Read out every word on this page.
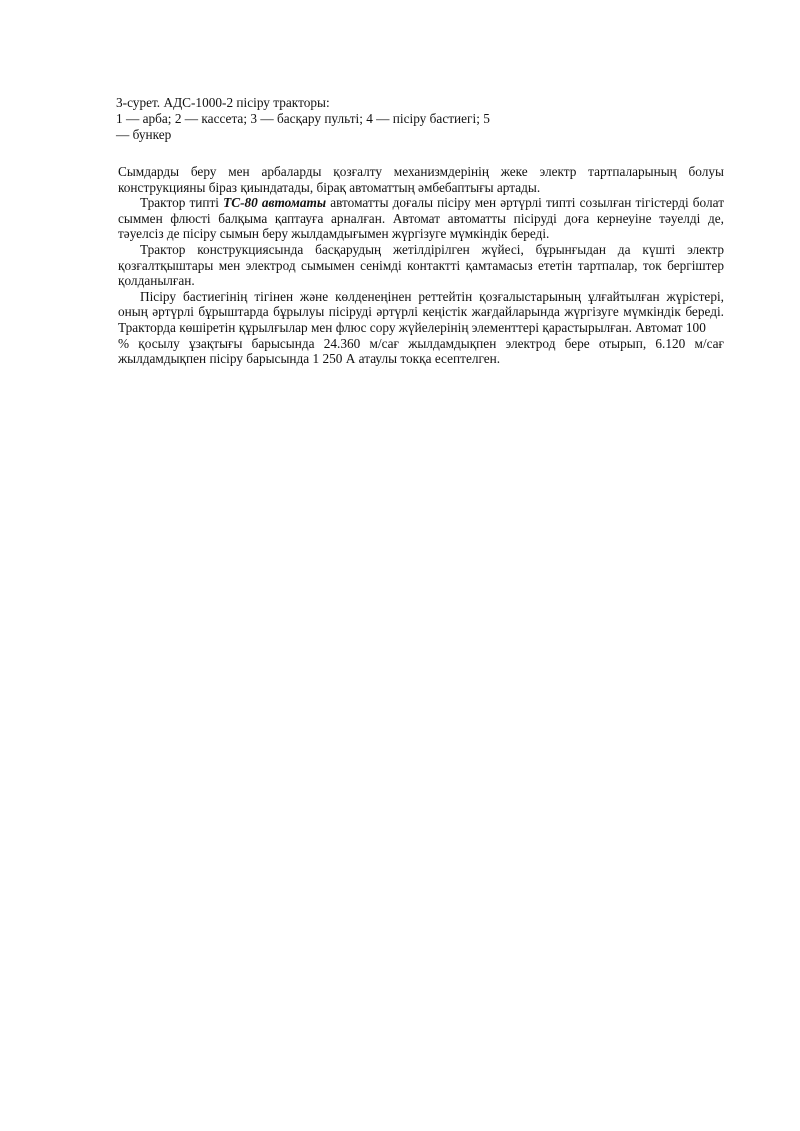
3-сурет. АДС-1000-2 пісіру тракторы:
1 — арба; 2 — кассета; 3 — басқару пульті; 4 — пісіру бастиегі; 5
— бункер

Сымдарды беру мен арбаларды қозғалту механизмдерінің жеке электр тартпаларының болуы конструкцияны біраз қиындатады, бірақ автоматтың әмбебаптығы артады.

Трактор типті ТС-80 автоматы автоматты доғалы пісіру мен әртүрлі типті созылған тігістерді болат сыммен флюсті балқыма қаптауға арналған. Автомат автоматты пісіруді доға кернеуіне тәуелді де, тәуелсіз де пісіру сымын беру жылдамдығымен жүргізуге мүмкіндік береді.

Трактор конструкциясында басқарудың жетілдірілген жүйесі, бұрынғыдан да күшті электр қозғалтқыштары мен электрод сымымен сенімді контактті қамтамасыз ететін тартпалар, ток бергіштер қолданылған.

Пісіру бастиегінің тігінен және көлденеңінен реттейтін қозғалыстарының ұлғайтылған жүрістері, оның әртүрлі бұрыштарда бұрылуы пісіруді әртүрлі кеңістік жағдайларында жүргізуге мүмкіндік береді. Тракторда көшіретін құрылғылар мен флюс сору жүйелерінің элементтері қарастырылған. Автомат 100

% қосылу ұзақтығы барысында 24.360 м/сағ жылдамдықпен электрод бере отырып, 6.120 м/сағ жылдамдықпен пісіру барысында 1 250 А атаулы токқа есептелген.
